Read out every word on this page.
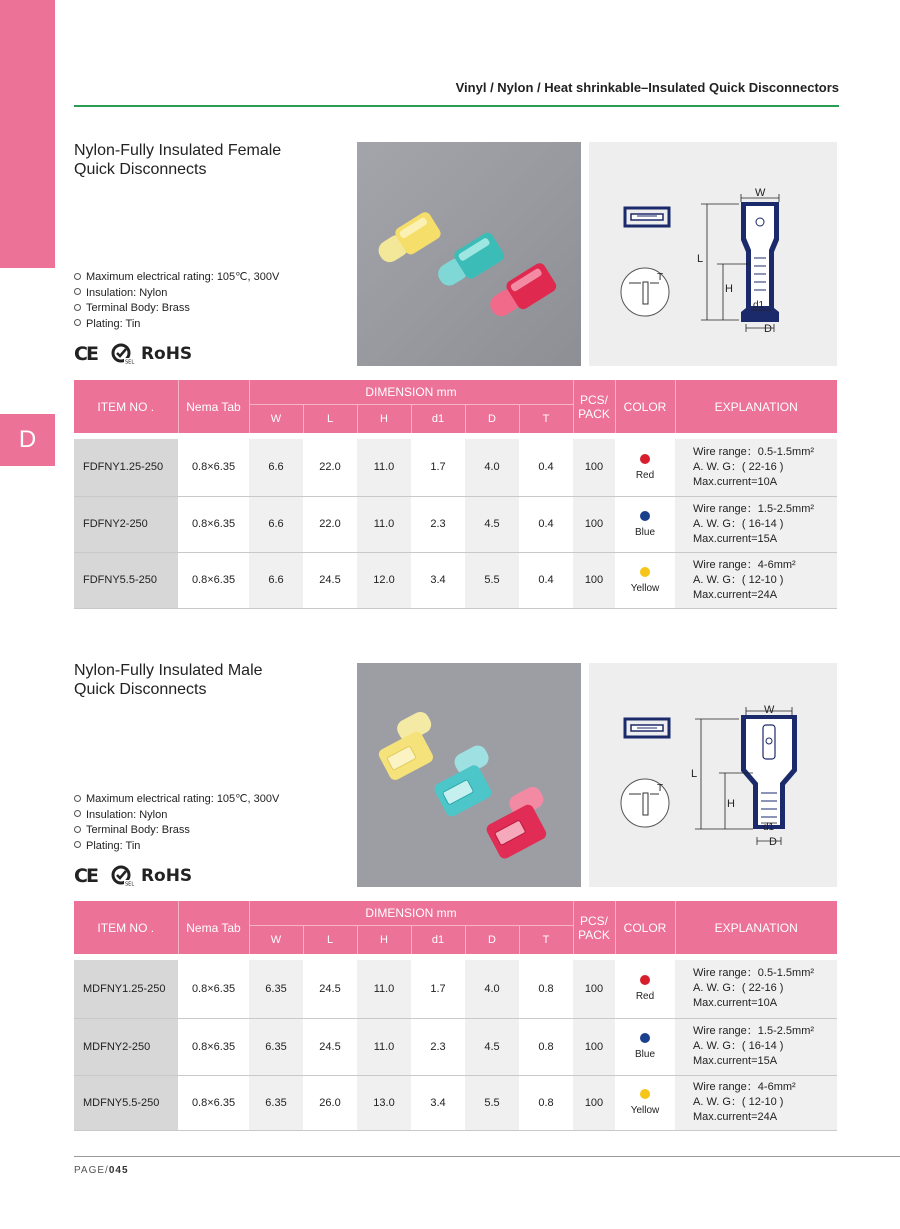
D
Vinyl / Nylon / Heat shrinkable–Insulated Quick Disconnectors
Nylon-Fully Insulated Female
Quick Disconnects
Maximum electrical rating: 105℃, 300V
Insulation: Nylon
Terminal Body: Brass
Plating: Tin
CE	SEL RoHS
T
W
L
H
d1
D
ITEM NO .	Nema Tab	DIMENSION mm						PCS/
PACK	COLOR	EXPLANATION
		W	L	H	d1	D	T			

FDFNY1.25-250	0.8×6.35	6.6	22.0	11.0	1.7	4.0	0.4	100	Red	Wire range：0.5-1.5mm²
A. W. G：( 22-16 )
Max.current=10A

FDFNY2-250	0.8×6.35	6.6	22.0	11.0	2.3	4.5	0.4	100	Blue	Wire range：1.5-2.5mm²
A. W. G：( 16-14 )
Max.current=15A

FDFNY5.5-250	0.8×6.35	6.6	24.5	12.0	3.4	5.5	0.4	100	Yellow	Wire range：4-6mm²
A. W. G：( 12-10 )
Max.current=24A
Nylon-Fully Insulated Male
Quick Disconnects
Maximum electrical rating: 105℃, 300V
Insulation: Nylon
Terminal Body: Brass
Plating: Tin
CE	SEL RoHS
T
W
L
H
d1
D
ITEM NO .	Nema Tab	DIMENSION mm						PCS/
PACK	COLOR	EXPLANATION
		W	L	H	d1	D	T			

MDFNY1.25-250	0.8×6.35	6.35	24.5	11.0	1.7	4.0	0.8	100	Red	Wire range：0.5-1.5mm²
A. W. G：( 22-16 )
Max.current=10A

MDFNY2-250	0.8×6.35	6.35	24.5	11.0	2.3	4.5	0.8	100	Blue	Wire range：1.5-2.5mm²
A. W. G：( 16-14 )
Max.current=15A

MDFNY5.5-250	0.8×6.35	6.35	26.0	13.0	3.4	5.5	0.8	100	Yellow	Wire range：4-6mm²
A. W. G：( 12-10 )
Max.current=24A
PAGE/045
